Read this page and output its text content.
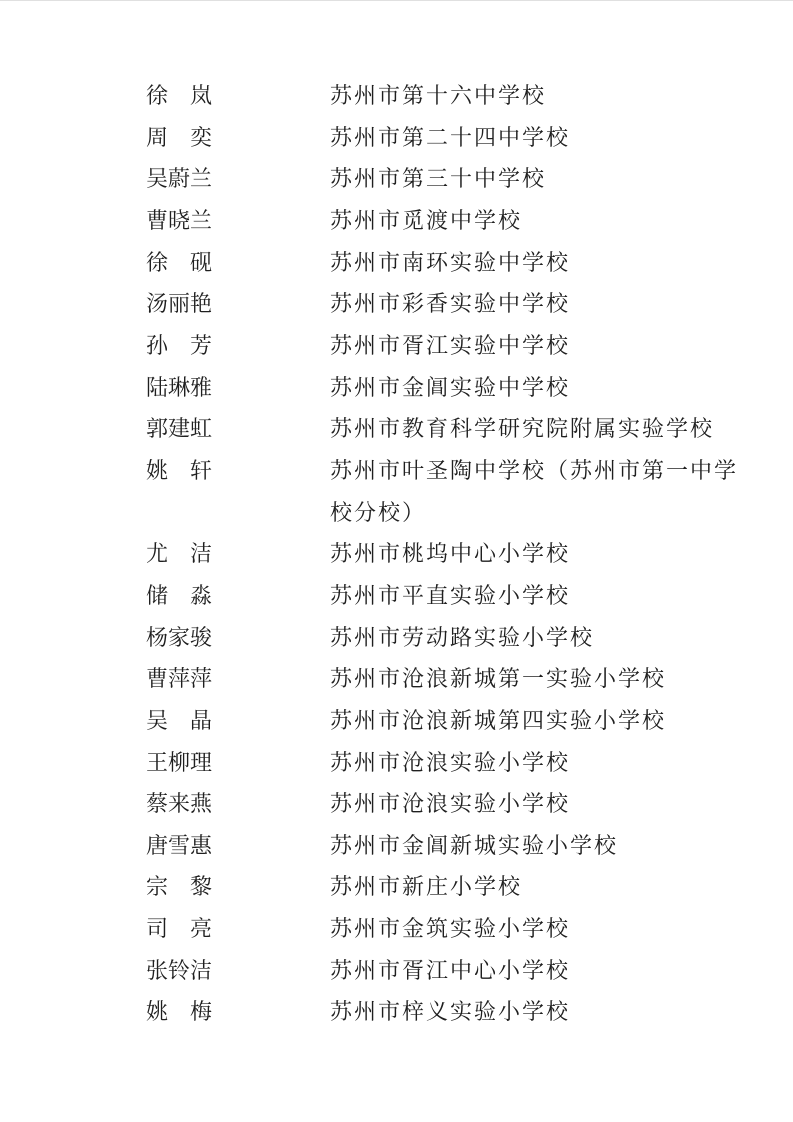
徐　岚	苏州市第十六中学校
周　奕	苏州市第二十四中学校
吴蔚兰	苏州市第三十中学校
曹晓兰	苏州市觅渡中学校
徐　砚	苏州市南环实验中学校
汤丽艳	苏州市彩香实验中学校
孙　芳	苏州市胥江实验中学校
陆琳雅	苏州市金阊实验中学校
郭建虹	苏州市教育科学研究院附属实验学校
姚　轩	苏州市叶圣陶中学校（苏州市第一中学校分校）
尤　洁	苏州市桃坞中心小学校
储　淼	苏州市平直实验小学校
杨家骏	苏州市劳动路实验小学校
曹萍萍	苏州市沧浪新城第一实验小学校
吴　晶	苏州市沧浪新城第四实验小学校
王柳理	苏州市沧浪实验小学校
蔡来燕	苏州市沧浪实验小学校
唐雪惠	苏州市金阊新城实验小学校
宗　黎	苏州市新庄小学校
司　亮	苏州市金筑实验小学校
张铃洁	苏州市胥江中心小学校
姚　梅	苏州市梓义实验小学校
